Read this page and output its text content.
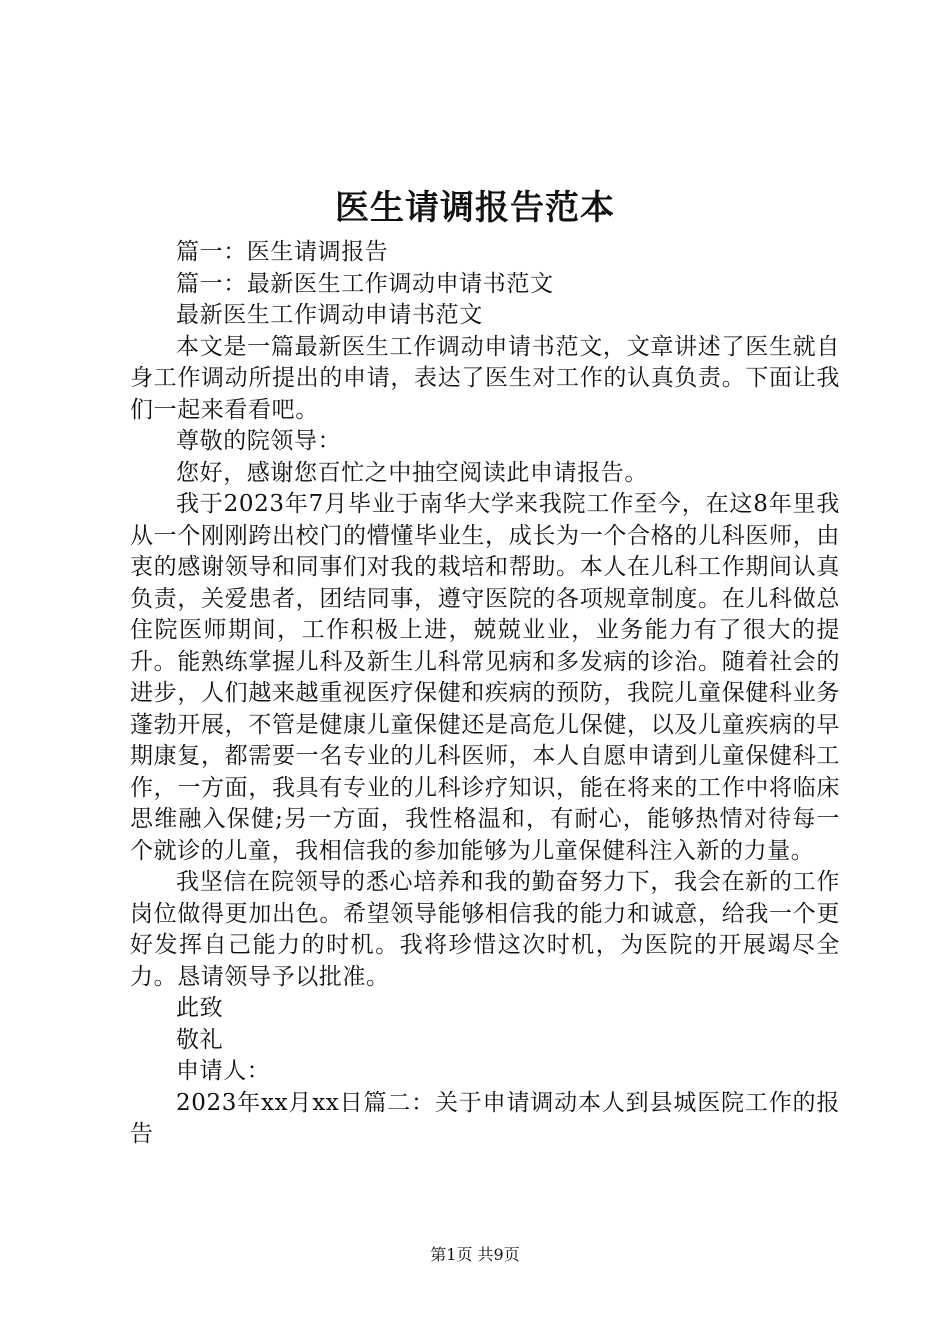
医生请调报告范本

篇一：医生请调报告

篇一：最新医生工作调动申请书范文

最新医生工作调动申请书范文

本文是一篇最新医生工作调动申请书范文，文章讲述了医生就自身工作调动所提出的申请，表达了医生对工作的认真负责。下面让我们一起来看看吧。

尊敬的院领导：

您好，感谢您百忙之中抽空阅读此申请报告。

我于2023年7月毕业于南华大学来我院工作至今，在这8年里我从一个刚刚跨出校门的懵懂毕业生，成长为一个合格的儿科医师，由衷的感谢领导和同事们对我的栽培和帮助。本人在儿科工作期间认真负责，关爱患者，团结同事，遵守医院的各项规章制度。在儿科做总住院医师期间，工作积极上进，兢兢业业，业务能力有了很大的提升。能熟练掌握儿科及新生儿科常见病和多发病的诊治。随着社会的进步，人们越来越重视医疗保健和疾病的预防，我院儿童保健科业务蓬勃开展，不管是健康儿童保健还是高危儿保健，以及儿童疾病的早期康复，都需要一名专业的儿科医师，本人自愿申请到儿童保健科工作，一方面，我具有专业的儿科诊疗知识，能在将来的工作中将临床思维融入保健;另一方面，我性格温和，有耐心，能够热情对待每一个就诊的儿童，我相信我的参加能够为儿童保健科注入新的力量。

我坚信在院领导的悉心培养和我的勤奋努力下，我会在新的工作岗位做得更加出色。希望领导能够相信我的能力和诚意，给我一个更好发挥自己能力的时机。我将珍惜这次时机，为医院的开展竭尽全力。恳请领导予以批准。

此致

敬礼

申请人：

2023年xx月xx日篇二：关于申请调动本人到县城医院工作的报告

第1页 共9页
